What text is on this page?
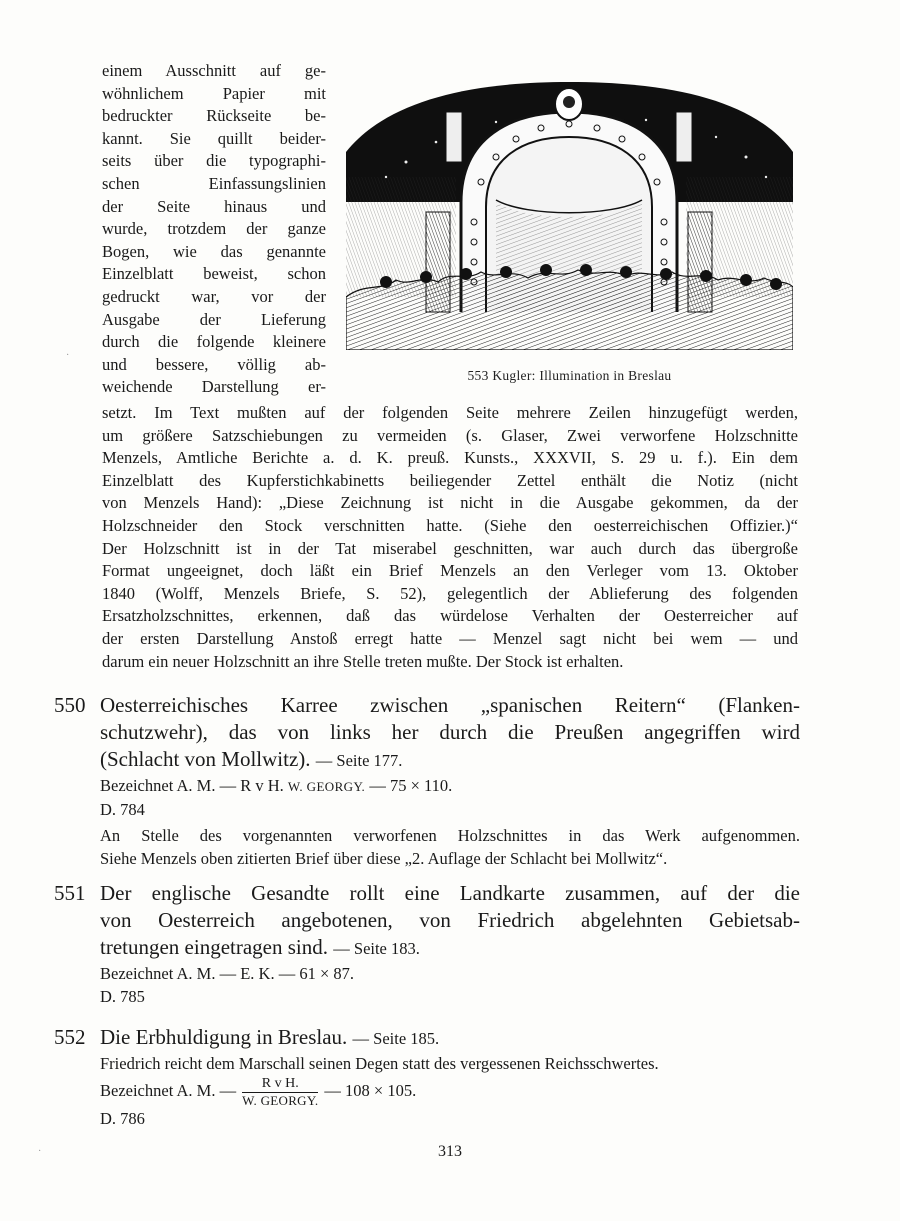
einem Ausschnitt auf ge-
wöhnlichem Papier mit
bedruckter Rückseite be-
kannt. Sie quillt beider-
seits über die typographi-
schen Einfassungslinien
der Seite hinaus und
wurde, trotzdem der ganze
Bogen, wie das genannte
Einzelblatt beweist, schon
gedruckt war, vor der
Ausgabe der Lieferung
durch die folgende kleinere
und bessere, völlig ab-
weichende Darstellung er-
553 Kugler: Illumination in Breslau
setzt. Im Text mußten auf der folgenden Seite mehrere Zeilen hinzugefügt werden,
um größere Satzschiebungen zu vermeiden (s. Glaser, Zwei verworfene Holzschnitte
Menzels, Amtliche Berichte a. d. K. preuß. Kunsts., XXXVII, S. 29 u. f.). Ein dem
Einzelblatt des Kupferstichkabinetts beiliegender Zettel enthält die Notiz (nicht
von Menzels Hand): „Diese Zeichnung ist nicht in die Ausgabe gekommen, da der
Holzschneider den Stock verschnitten hatte. (Siehe den oesterreichischen Offizier.)“
Der Holzschnitt ist in der Tat miserabel geschnitten, war auch durch das übergroße
Format ungeeignet, doch läßt ein Brief Menzels an den Verleger vom 13. Oktober
1840 (Wolff, Menzels Briefe, S. 52), gelegentlich der Ablieferung des folgenden
Ersatzholzschnittes, erkennen, daß das würdelose Verhalten der Oesterreicher auf
der ersten Darstellung Anstoß erregt hatte — Menzel sagt nicht bei wem — und
darum ein neuer Holzschnitt an ihre Stelle treten mußte. Der Stock ist erhalten.
550 Oesterreichisches Karree zwischen „spanischen Reitern“ (Flanken-
schutzwehr), das von links her durch die Preußen angegriffen wird
(Schlacht von Mollwitz). — Seite 177.
Bezeichnet A. M. — R v H. W. GEORGY. — 75 × 110.
D. 784
An Stelle des vorgenannten verworfenen Holzschnittes in das Werk aufgenommen.
Siehe Menzels oben zitierten Brief über diese „2. Auflage der Schlacht bei Mollwitz“.
551 Der englische Gesandte rollt eine Landkarte zusammen, auf der die
von Oesterreich angebotenen, von Friedrich abgelehnten Gebietsab-
tretungen eingetragen sind. — Seite 183.
Bezeichnet A. M. — E. K. — 61 × 87.
D. 785
552 Die Erbhuldigung in Breslau. — Seite 185.
Friedrich reicht dem Marschall seinen Degen statt des vergessenen Reichsschwertes.
Bezeichnet A. M. — $\frac{\text{R v H.}}{\text{W. GEORGY.}}$ — 108 × 105.
D. 786
313
·
·
